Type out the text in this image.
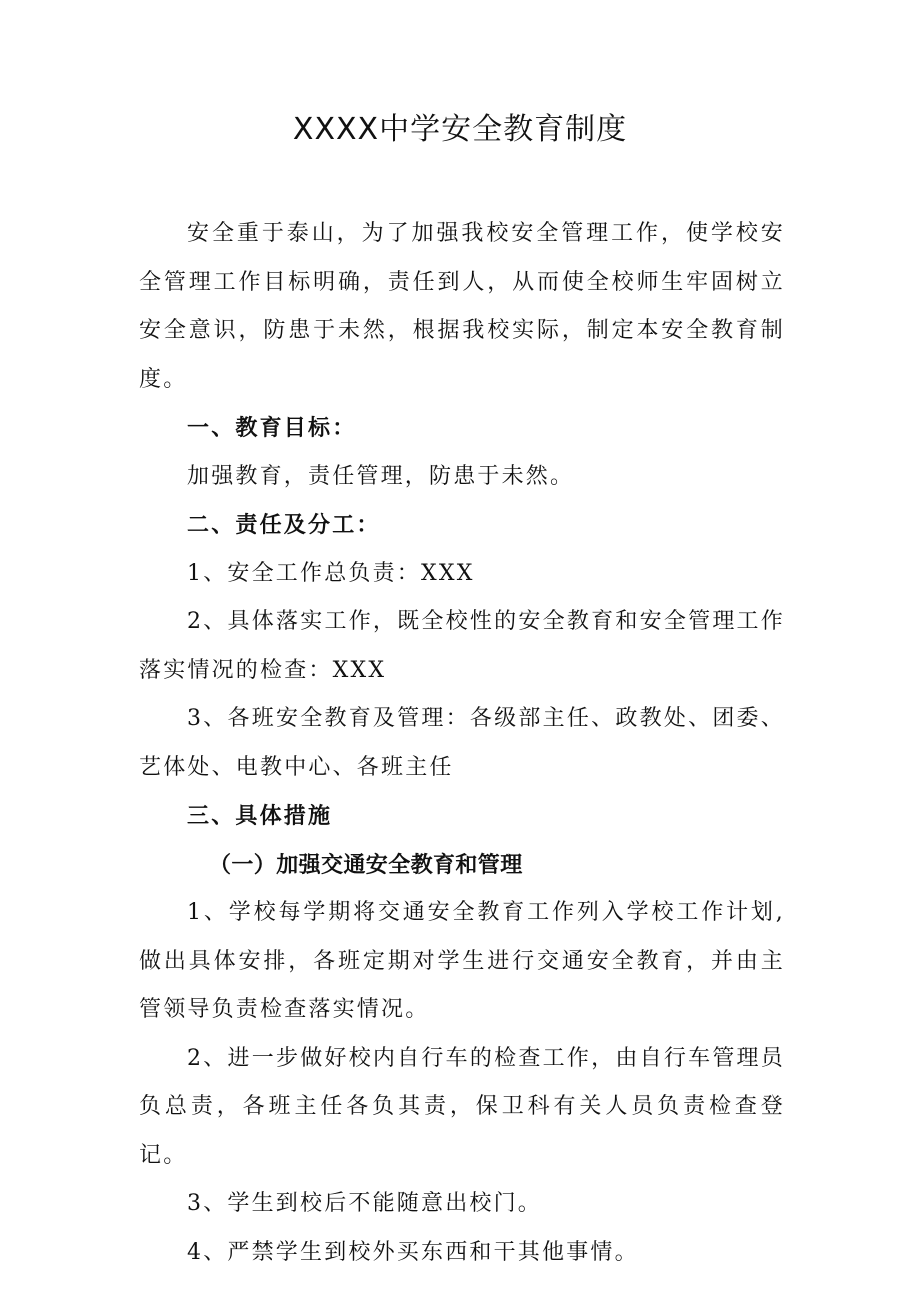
XXXX中学安全教育制度

安全重于泰山，为了加强我校安全管理工作，使学校安全管理工作目标明确，责任到人，从而使全校师生牢固树立安全意识，防患于未然，根据我校实际，制定本安全教育制度。

一、教育目标：

加强教育，责任管理，防患于未然。

二、责任及分工：

1、安全工作总负责：XXX

2、具体落实工作，既全校性的安全教育和安全管理工作落实情况的检查：XXX

3、各班安全教育及管理：各级部主任、政教处、团委、艺体处、电教中心、各班主任

三、具体措施

（一）加强交通安全教育和管理

1、学校每学期将交通安全教育工作列入学校工作计划,做出具体安排，各班定期对学生进行交通安全教育，并由主管领导负责检查落实情况。

2、进一步做好校内自行车的检查工作，由自行车管理员负总责，各班主任各负其责，保卫科有关人员负责检查登记。

3、学生到校后不能随意出校门。

4、严禁学生到校外买东西和干其他事情。
